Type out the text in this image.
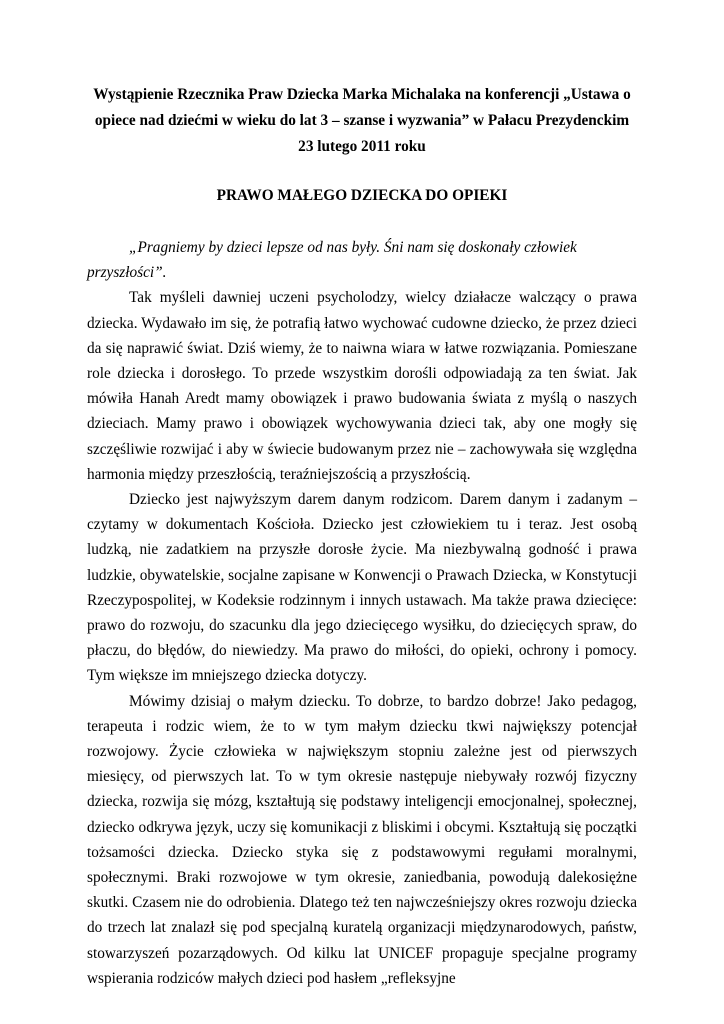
Wystąpienie Rzecznika Praw Dziecka Marka Michalaka na konferencji „Ustawa o

opiece nad dziećmi w wieku do lat 3 – szanse i wyzwania” w Pałacu Prezydenckim

23 lutego 2011 roku

PRAWO MAŁEGO DZIECKA DO OPIEKI

„Pragniemy by dzieci lepsze od nas były. Śni nam się doskonały człowiek przyszłości”.

Tak myśleli dawniej uczeni psycholodzy, wielcy działacze walczący o prawa dziecka. Wydawało im się, że potrafią łatwo wychować cudowne dziecko, że przez dzieci da się naprawić świat. Dziś wiemy, że to naiwna wiara w łatwe rozwiązania. Pomieszane role dziecka i dorosłego. To przede wszystkim dorośli odpowiadają za ten świat. Jak mówiła Hanah Aredt mamy obowiązek i prawo budowania świata z myślą o naszych dzieciach. Mamy prawo i obowiązek wychowywania dzieci tak, aby one mogły się szczęśliwie rozwijać i aby w świecie budowanym przez nie – zachowywała się względna harmonia między przeszłością, teraźniejszością a przyszłością.

Dziecko jest najwyższym darem danym rodzicom. Darem danym i zadanym – czytamy w dokumentach Kościoła. Dziecko jest człowiekiem tu i teraz. Jest osobą ludzką, nie zadatkiem na przyszłe dorosłe życie. Ma niezbywalną godność i prawa ludzkie, obywatelskie, socjalne zapisane w Konwencji o Prawach Dziecka, w Konstytucji Rzeczypospolitej, w Kodeksie rodzinnym i innych ustawach. Ma także prawa dziecięce: prawo do rozwoju, do szacunku dla jego dziecięcego wysiłku, do dziecięcych spraw, do płaczu, do błędów, do niewiedzy. Ma prawo do miłości, do opieki, ochrony i pomocy. Tym większe im mniejszego dziecka dotyczy.

Mówimy dzisiaj o małym dziecku. To dobrze, to bardzo dobrze! Jako pedagog, terapeuta i rodzic wiem, że to w tym małym dziecku tkwi największy potencjał rozwojowy. Życie człowieka w największym stopniu zależne jest od pierwszych miesięcy, od pierwszych lat. To w tym okresie następuje niebywały rozwój fizyczny dziecka, rozwija się mózg, kształtują się podstawy inteligencji emocjonalnej, społecznej, dziecko odkrywa język, uczy się komunikacji z bliskimi i obcymi. Kształtują się początki tożsamości dziecka. Dziecko styka się z podstawowymi regułami moralnymi, społecznymi. Braki rozwojowe w tym okresie, zaniedbania, powodują dalekosiężne skutki. Czasem nie do odrobienia. Dlatego też ten najwcześniejszy okres rozwoju dziecka do trzech lat znalazł się pod specjalną kuratelą organizacji międzynarodowych, państw, stowarzyszeń pozarządowych. Od kilku lat UNICEF propaguje specjalne programy wspierania rodziców małych dzieci pod hasłem „refleksyjne
